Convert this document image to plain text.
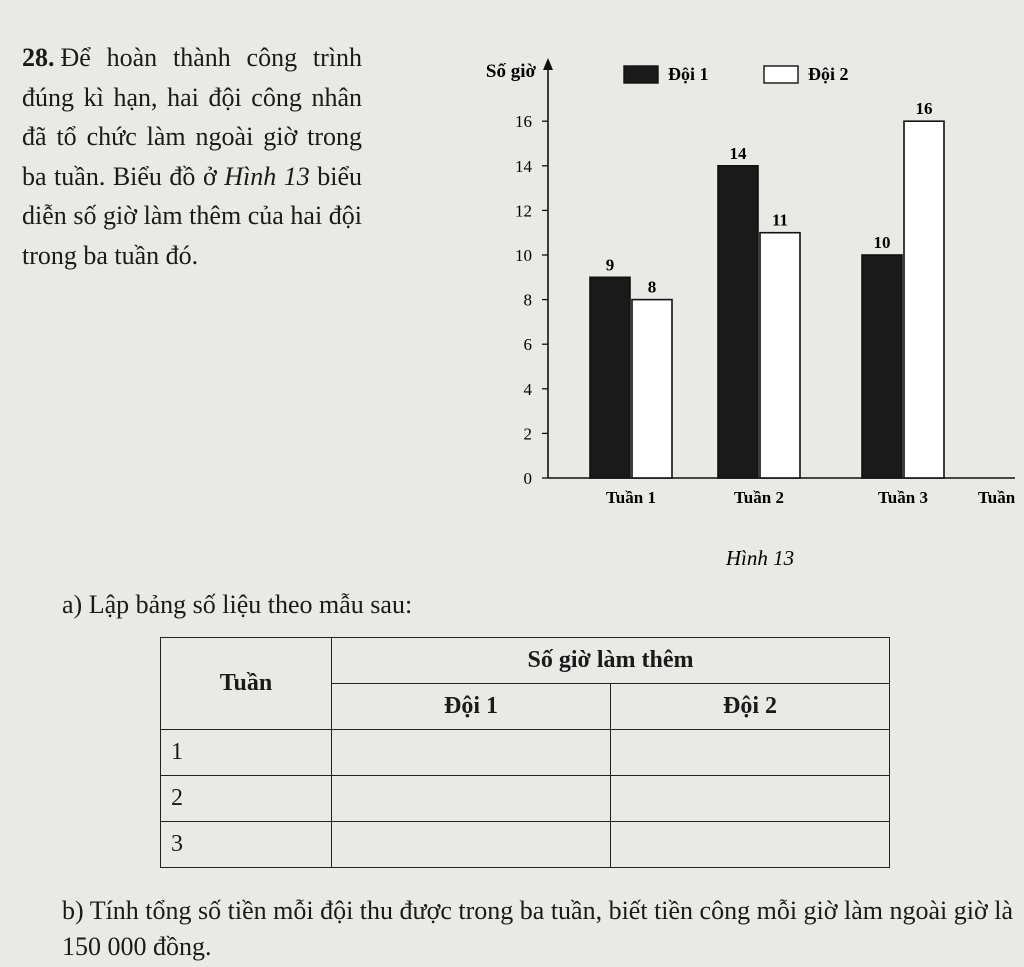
28. Để hoàn thành công trình đúng kì hạn, hai đội công nhân đã tổ chức làm ngoài giờ trong ba tuần. Biểu đồ ở Hình 13 biểu diễn số giờ làm thêm của hai đội trong ba tuần đó.

Số giờ
Tuần
0
2
4
6
8
10
12
14
16
Đội 1	Đội 2
9
8
Tuần 1
14
11
Tuần 2
10
16
Tuần 3
Hình 13
a) Lập bảng số liệu theo mẫu sau:
Tuần	Số giờ làm thêm	
	Đội 1	Đội 2
1		
2		
3		
b) Tính tổng số tiền mỗi đội thu được trong ba tuần, biết tiền công mỗi giờ làm ngoài giờ là 150 000 đồng.
